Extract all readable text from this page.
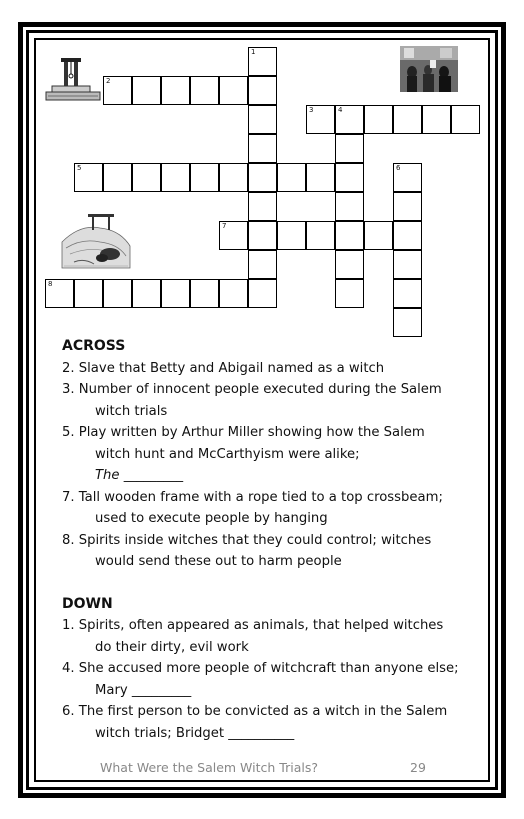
1
2
3	4
5	6
7
8
ACROSS
2. Slave that Betty and Abigail named as a witch
3. Number of innocent people executed during the Salem witch trials
5. Play written by Arthur Miller showing how the Salem witch hunt and McCarthyism were alike;
The _________
7. Tall wooden frame with a rope tied to a top crossbeam; used to execute people by hanging
8. Spirits inside witches that they could control; witches would send these out to harm people
DOWN
1. Spirits, often appeared as animals, that helped witches do their dirty, evil work
4. She accused more people of witchcraft than anyone else; Mary _________
6. The first person to be convicted as a witch in the Salem witch trials; Bridget __________
What Were the Salem Witch Trials?	29
